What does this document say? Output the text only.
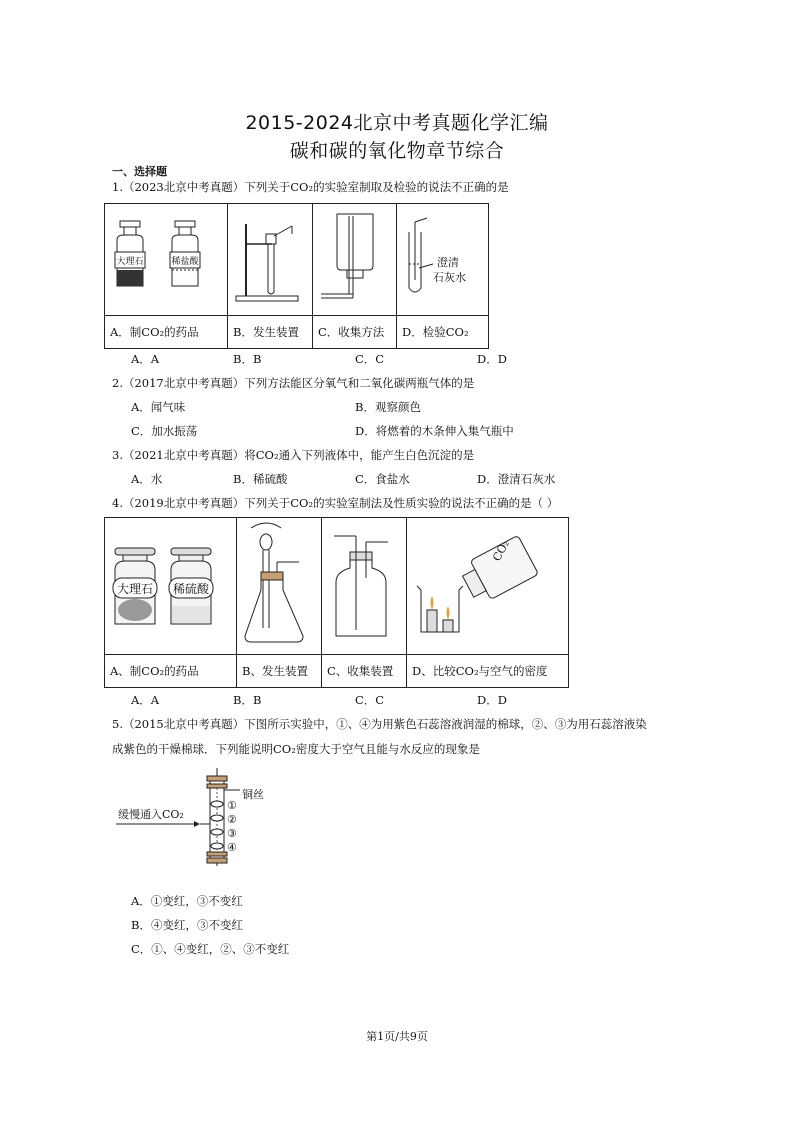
2015-2024北京中考真题化学汇编
碳和碳的氧化物章节综合
一、选择题
1.（2023北京中考真题）下列关于CO₂的实验室制取及检验的说法不正确的是
大理石 稀盐酸			澄清
石灰水

A．制CO₂的药品	B．发生装置	C．收集方法	D．检验CO₂
A．A	B．B	C．C	D．D
2.（2017北京中考真题）下列方法能区分氧气和二氧化碳两瓶气体的是
A．闻气味	B．观察颜色
C．加水振荡	D．将燃着的木条伸入集气瓶中
3.（2021北京中考真题）将CO₂通入下列液体中，能产生白色沉淀的是
A．水	B．稀硫酸	C．食盐水	D．澄清石灰水
4.（2019北京中考真题）下列关于CO₂的实验室制法及性质实验的说法不正确的是（ ）
大理石 稀硫酸			CO₂

A、制CO₂的药品	B、发生装置	C、收集装置	D、比较CO₂与空气的密度
A．A	B．B	C．C	D．D
5.（2015北京中考真题）下图所示实验中，①、④为用紫色石蕊溶液润湿的棉球，②、③为用石蕊溶液染
成紫色的干燥棉球．下列能说明CO₂密度大于空气且能与水反应的现象是
缓慢通入CO₂
铜丝
①
②
③
④
A．①变红，③不变红
B．④变红，③不变红
C．①、④变红，②、③不变红
第1页/共9页
